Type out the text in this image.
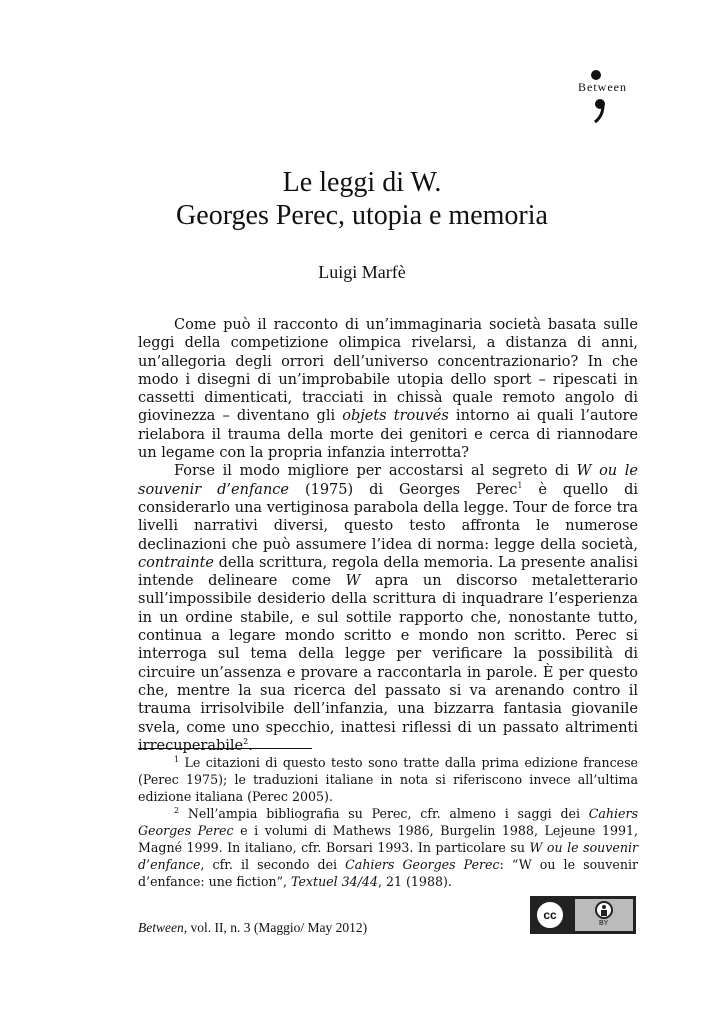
Between
Le leggi di W.
Georges Perec, utopia e memoria
Luigi Marfè

Come può il racconto di un’immaginaria società basata sulle leggi della competizione olimpica rivelarsi, a distanza di anni, un’allegoria degli orrori dell’universo concentrazionario? In che modo i disegni di un’improbabile utopia dello sport – ripescati in cassetti dimenticati, tracciati in chissà quale remoto angolo di giovinezza – diventano gli objets trouvés intorno ai quali l’autore rielabora il trauma della morte dei genitori e cerca di riannodare un legame con la propria infanzia interrotta?

Forse il modo migliore per accostarsi al segreto di W ou le souvenir d’enfance (1975) di Georges Perec$^1$ è quello di considerarlo una vertiginosa parabola della legge. Tour de force tra livelli narrativi diversi, questo testo affronta le numerose declinazioni che può assumere l’idea di norma: legge della società, contrainte della scrittura, regola della memoria. La presente analisi intende delineare come W apra un discorso metaletterario sull’impossibile desiderio della scrittura di inquadrare l’esperienza in un ordine stabile, e sul sottile rapporto che, nonostante tutto, continua a legare mondo scritto e mondo non scritto. Perec si interroga sul tema della legge per verificare la possibilità di circuire un’assenza e provare a raccontarla in parole. È per questo che, mentre la sua ricerca del passato si va arenando contro il trauma irrisolvibile dell’infanzia, una bizzarra fantasia giovanile svela, come uno specchio, inattesi riflessi di un passato altrimenti irrecuperabile$^2$.

$^1$ Le citazioni di questo testo sono tratte dalla prima edizione francese (Perec 1975); le traduzioni italiane in nota si riferiscono invece all’ultima edizione italiana (Perec 2005).

$^2$ Nell’ampia bibliografia su Perec, cfr. almeno i saggi dei Cahiers Georges Perec e i volumi di Mathews 1986, Burgelin 1988, Lejeune 1991, Magné 1999. In italiano, cfr. Borsari 1993. In particolare su W ou le souvenir d’enfance, cfr. il secondo dei Cahiers Georges Perec: “W ou le souvenir d’enfance: une fiction”, Textuel 34/44, 21 (1988).

Between, vol. II, n. 3 (Maggio/ May 2012)
cc
BY
